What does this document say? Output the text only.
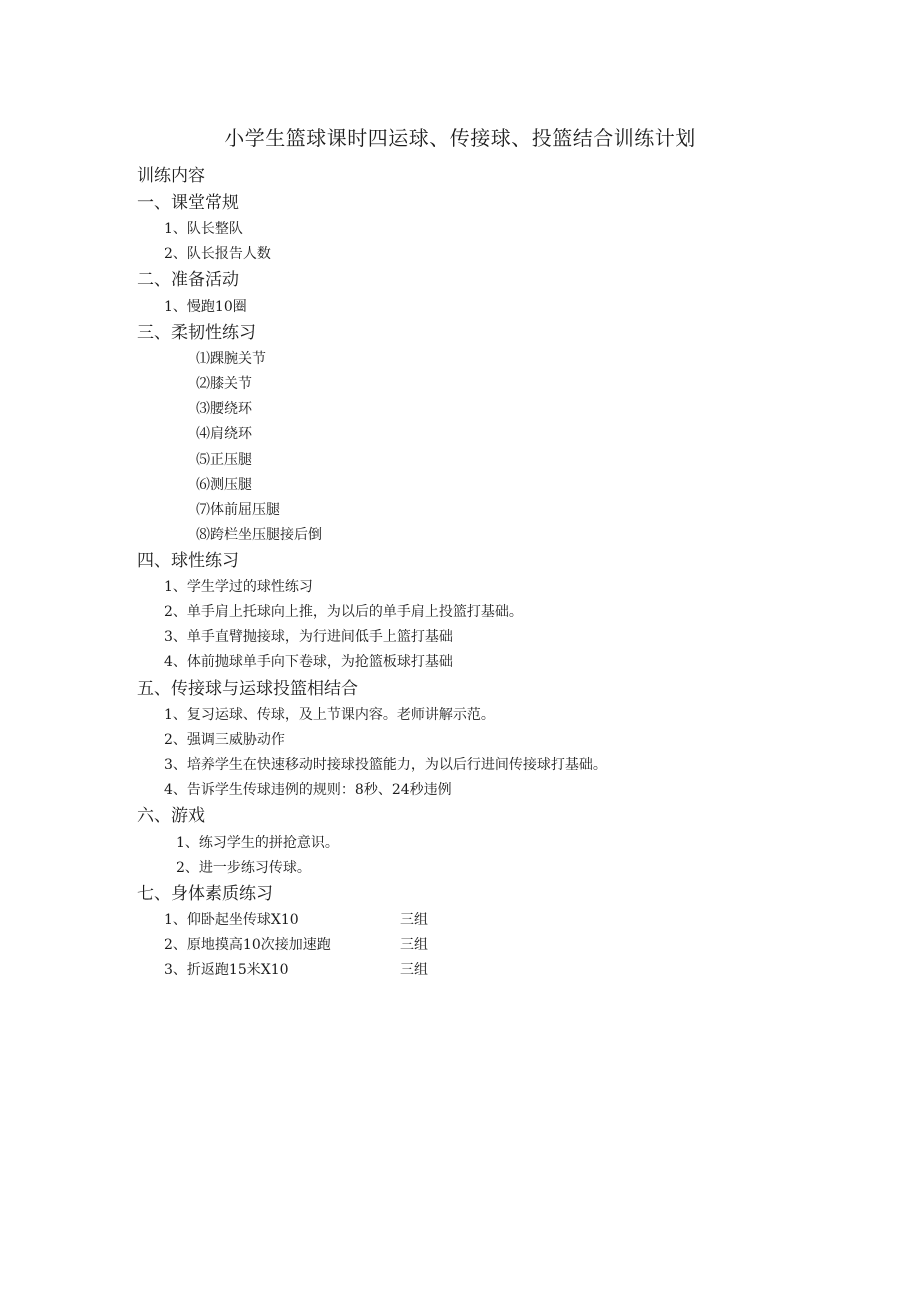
小学生篮球课时四运球、传接球、投篮结合训练计划
训练内容
一、课堂常规
1、队长整队
2、队长报告人数
二、准备活动
1、慢跑10圈
三、柔韧性练习
⑴踝腕关节
⑵膝关节
⑶腰绕环
⑷肩绕环
⑸正压腿
⑹测压腿
⑺体前屈压腿
⑻跨栏坐压腿接后倒
四、球性练习
1、学生学过的球性练习
2、单手肩上托球向上推，为以后的单手肩上投篮打基础。
3、单手直臂抛接球，为行进间低手上篮打基础
4、体前抛球单手向下卷球，为抢篮板球打基础
五、传接球与运球投篮相结合
1、复习运球、传球，及上节课内容。老师讲解示范。
2、强调三威胁动作
3、培养学生在快速移动时接球投篮能力，为以后行进间传接球打基础。
4、告诉学生传球违例的规则：8秒、24秒违例
六、游戏
1、练习学生的拼抢意识。
2、进一步练习传球。
七、身体素质练习
1、仰卧起坐传球X10	三组
2、原地摸高10次接加速跑	三组
3、折返跑15米X10	三组
